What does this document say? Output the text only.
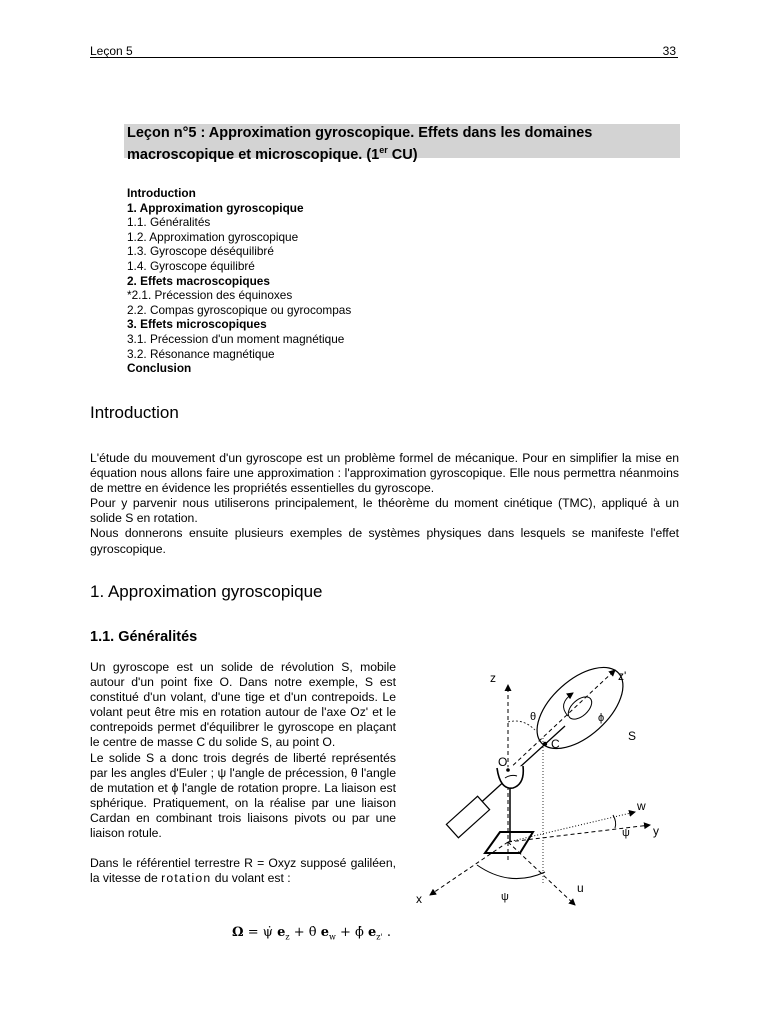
Leçon 5	33
Leçon n°5 : Approximation gyroscopique. Effets dans les domaines
macroscopique et microscopique. (1er CU)
Introduction
1. Approximation gyroscopique
1.1. Généralités
1.2. Approximation gyroscopique
1.3. Gyroscope déséquilibré
1.4. Gyroscope équilibré
2. Effets macroscopiques
*2.1. Précession des équinoxes
2.2. Compas gyroscopique ou gyrocompas
3. Effets microscopiques
3.1. Précession d'un moment magnétique
3.2. Résonance magnétique
Conclusion
Introduction

L'étude du mouvement d'un gyroscope est un problème formel de mécanique. Pour en simplifier la mise en équation nous allons faire une approximation : l'approximation gyroscopique. Elle nous permettra néanmoins de mettre en évidence les propriétés essentielles du gyroscope.

Pour y parvenir nous utiliserons principalement, le théorème du moment cinétique (TMC), appliqué à un solide S en rotation.

Nous donnerons ensuite plusieurs exemples de systèmes physiques dans lesquels se manifeste l'effet gyroscopique.

1. Approximation gyroscopique
1.1. Généralités

Un gyroscope est un solide de révolution S, mobile autour d'un point fixe O. Dans notre exemple, S est constitué d'un volant, d'une tige et d'un contrepoids. Le volant peut être mis en rotation autour de l'axe Oz' et le contrepoids permet d'équilibrer le gyroscope en plaçant le centre de masse C du solide S, au point O.

Le solide S a donc trois degrés de liberté représentés par les angles d'Euler ; ψ l'angle de précession, θ l'angle de mutation et ϕ l'angle de rotation propre. La liaison est sphérique. Pratiquement, on la réalise par une liaison Cardan en combinant trois liaisons pivots ou par une liaison rotule.

Dans le référentiel terrestre R = Oxyz supposé galiléen, la vitesse de rotation du volant est :

Ω = ψ̇ $e_z$ + θ̇ $e_w$ + ϕ̇ $e_{z'}$ .
z	z'
θ	ϕ
S
C
O
w
ψ y
x	ψ
u
